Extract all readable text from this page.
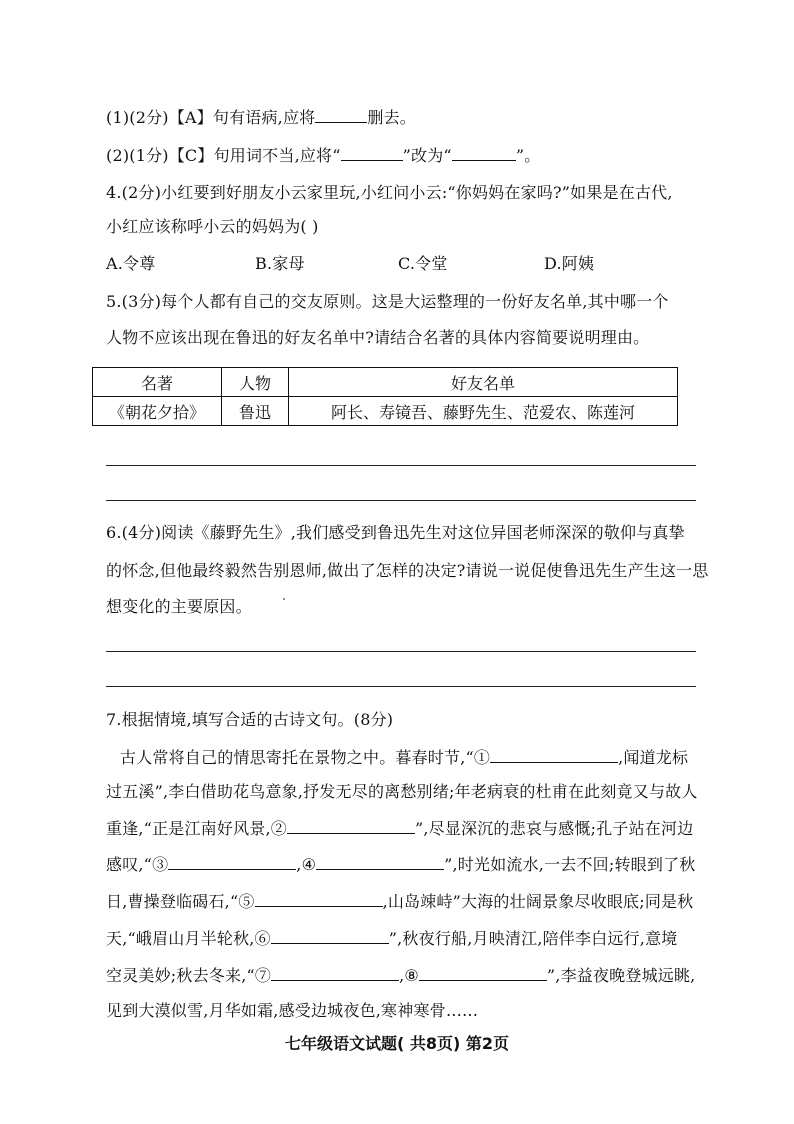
(1)(2分)【A】句有语病,应将	删去。
(2)(1分)【C】句用词不当,应将“	”改为“	”。
4.(2分)小红要到好朋友小云家里玩,小红问小云:“你妈妈在家吗?”如果是在古代,
小红应该称呼小云的妈妈为( )
A.令尊	B.家母	C.令堂	D.阿姨
5.(3分)每个人都有自己的交友原则。这是大运整理的一份好友名单,其中哪一个
人物不应该出现在鲁迅的好友名单中?请结合名著的具体内容简要说明理由。
名著	人物	好友名单
《朝花夕拾》	鲁迅	阿长、寿镜吾、藤野先生、范爱农、陈莲河
6.(4分)阅读《藤野先生》,我们感受到鲁迅先生对这位异国老师深深的敬仰与真挚
的怀念,但他最终毅然告别恩师,做出了怎样的决定?请说一说促使鲁迅先生产生这一思
想变化的主要原因。
7.根据情境,填写合适的古诗文句。(8分)
古人常将自己的情思寄托在景物之中。暮春时节,“①	,闻道龙标
过五溪”,李白借助花鸟意象,抒发无尽的离愁别绪;年老病衰的杜甫在此刻竟又与故人
重逢,“正是江南好风景,②	”,尽显深沉的悲哀与感慨;孔子站在河边
感叹,“③	,④	”,时光如流水,一去不回;转眼到了秋
日,曹操登临碣石,“⑤	,山岛竦峙”大海的壮阔景象尽收眼底;同是秋
天,“峨眉山月半轮秋,⑥	”,秋夜行船,月映清江,陪伴李白远行,意境
空灵美妙;秋去冬来,“⑦	,⑧	”,李益夜晚登城远眺,
见到大漠似雪,月华如霜,感受边城夜色,寒神寒骨……
七年级语文试题( 共8页) 第2页
